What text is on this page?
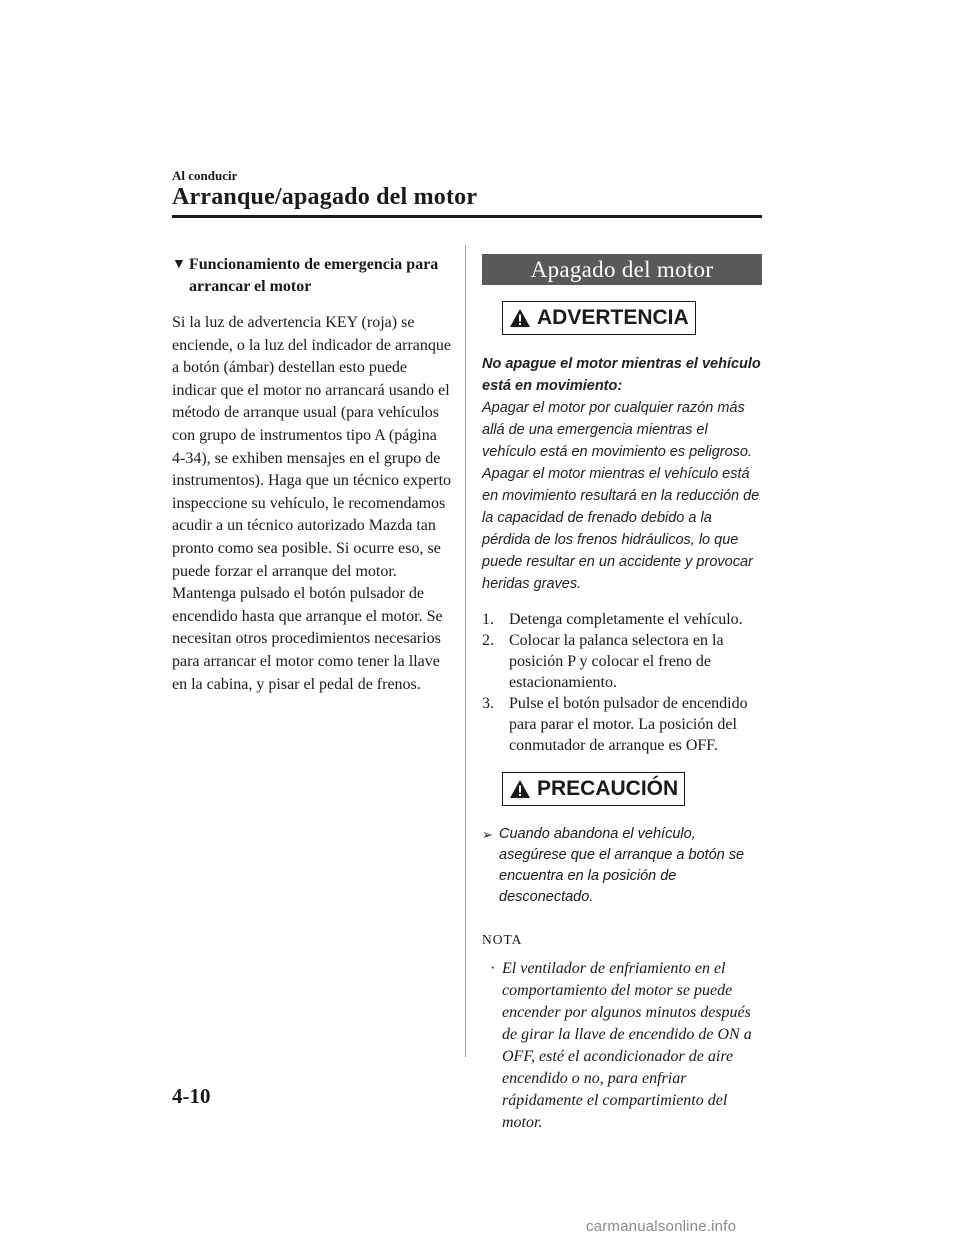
Al conducir
Arranque/apagado del motor
▼ Funcionamiento de emergencia para arrancar el motor
Si la luz de advertencia KEY (roja) se enciende, o la luz del indicador de arranque a botón (ámbar) destellan esto puede indicar que el motor no arrancará usando el método de arranque usual (para vehículos con grupo de instrumentos tipo A (página 4-34), se exhiben mensajes en el grupo de instrumentos). Haga que un técnico experto inspeccione su vehículo, le recomendamos acudir a un técnico autorizado Mazda tan pronto como sea posible. Si ocurre eso, se puede forzar el arranque del motor. Mantenga pulsado el botón pulsador de encendido hasta que arranque el motor. Se necesitan otros procedimientos necesarios para arrancar el motor como tener la llave en la cabina, y pisar el pedal de frenos.
Apagado del motor
ADVERTENCIA
No apague el motor mientras el vehículo está en movimiento:
Apagar el motor por cualquier razón más allá de una emergencia mientras el vehículo está en movimiento es peligroso. Apagar el motor mientras el vehículo está en movimiento resultará en la reducción de la capacidad de frenado debido a la pérdida de los frenos hidráulicos, lo que puede resultar en un accidente y provocar heridas graves.
1. Detenga completamente el vehículo.
2. Colocar la palanca selectora en la posición P y colocar el freno de estacionamiento.
3. Pulse el botón pulsador de encendido para parar el motor. La posición del conmutador de arranque es OFF.
PRECAUCIÓN
➢ Cuando abandona el vehículo, asegúrese que el arranque a botón se encuentra en la posición de desconectado.
NOTA
· El ventilador de enfriamiento en el comportamiento del motor se puede encender por algunos minutos después de girar la llave de encendido de ON a OFF, esté el acondicionador de aire encendido o no, para enfriar rápidamente el compartimiento del motor.
4-10
carmanualsonline.info
